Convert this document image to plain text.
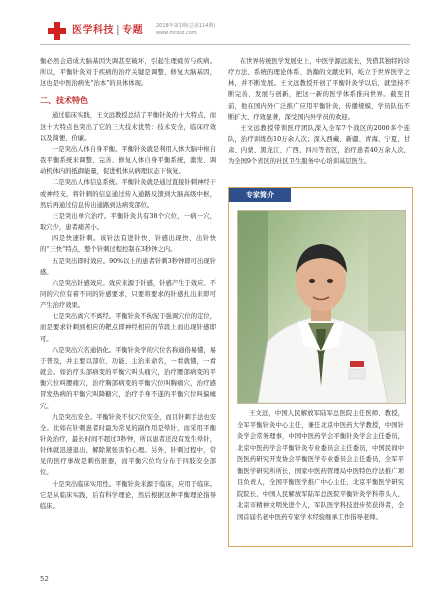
医学科技 | 专题	2018年第1期(总第114期)
www.mrxsz.com

衡必然会造成大脑基因失调甚至破坏，引起生理疲劳与疾病。所以，平衡针灸对于疾病的治疗关键是调整、修复大脑基因，这也是中医治病先“治本”的具体体现。

二、技术特色

通过临床实践，王文远教授总结了平衡针灸的十大特点，而这十大特点也突出了它的三大技术优势：技术安全，临床疗效以及简便、价廉。

一是突出人体自身平衡。平衡针灸就是利用人体大脑中枢自我平衡系统来调整、完善、修复人体自身平衡系统，激发、调动机体内的抵御能量，促进机体从病理状态下恢复。

二是突出人体信息系统。平衡针灸就是通过直接针刺神经干或神经支，将针刺的信息通过传入通路反馈到大脑高级中枢，然后再通过信息传出通路到达病变部位。

三是突出单穴治疗。平衡针灸共有38个穴位，一病一穴，取穴少，患者痛苦小。

四是快速针刺。该针法有进针快、针感出现快、出针快的“三快”特点，整个针刺过程控制在3秒钟之内。

五是突出即时效应。90%以上的患者针刺3秒钟即可出现针感。

六是突出针感效应。效应来源于针感，针感产生于效应。不同的穴位有着不同的针感要求，只要将要求的针感扎出来即可产生治疗效果。

七是突出离穴不离经。平衡针灸不拘泥于强调穴位的定位，而是要求针刺到相应的靶点即神经相应的节段上而出现针感即可。

八是突出穴名通俗化。平衡针灸学的穴位名称通俗易懂，易于普及，并主要以部位、功能、主治来命名，一看就懂，一看就会。如治疗头部病变的平衡穴叫头痛穴，治疗腰部病变的平衡穴位叫腰痛穴，治疗胸部病变的平衡穴位叫胸痛穴，治疗感冒发热病的平衡穴叫降糖穴，治疗手身不遂的平衡穴位叫偏瘫穴。

九是突出安全。平衡针灸不仅穴位安全，而且针刺手法也安全。比如在针刺患者时最为常见的副作用是晕针，而采用平衡针灸治疗，最长时间不超过3秒钟，所以患者还没有发生晕针，针体就迅速退出，解除紧张害怕心理。另外，针刺过程中，常见的医疗事故是刺伤脏器，而平衡穴位均分布于四肢安全部位。

十是突出临床实用性。平衡针灸来源于临床，应用于临床。它是从临床实践，后有科学理论，然后根据这种平衡理论指导临床。

在世界传统医学发展史上，中医学源远流长，凭借其独特的诊疗方法、系统的理论体系、浩瀚的文献史料，屹立于世界医学之林，并不断发展。王文远教授开创了平衡针灸学以后，就坚持不断完善、发展与创新，把这一新的医学体系推向世界。截至目前，他在国内外广泛推广应用平衡针灸，传播规模、学员队伍不断扩大、疗效显著，深受国内外学员的欢迎。

王文远教授带领医疗团队深入全军7个战区的2000多个连队，治疗训练伤10万余人次；深入西藏、新疆、青海、宁夏、甘肃、内蒙、黑龙江、广西、四川等省区，治疗患者40万余人次，为全国9个省区的社区卫生服务中心培训基层医生。

专家简介

王文远，中国人民解放军陆军总医院主任医师、教授，全军平衡针灸中心主任，兼任北京中医药大学教授，中国针灸学会常务理事，中国中医药学会平衡针灸学会主任委员，北京中医药学会平衡针灸专业委员会主任委员，中国民间中医医药研究开发协会平衡医学专业委员会主任委员，全军平衡医学研究所所长，国家中医药管理局中医特色疗法推广项目负责人，全国平衡医学推广中心主任，北京平衡医学研究院院长，中国人民解放军陆军总医院平衡针灸学科带头人，北京市精神文明先进个人，军队医学科技进步奖获得者，全国首届名老中医药专家学术经验继承工作指导老师。

52
